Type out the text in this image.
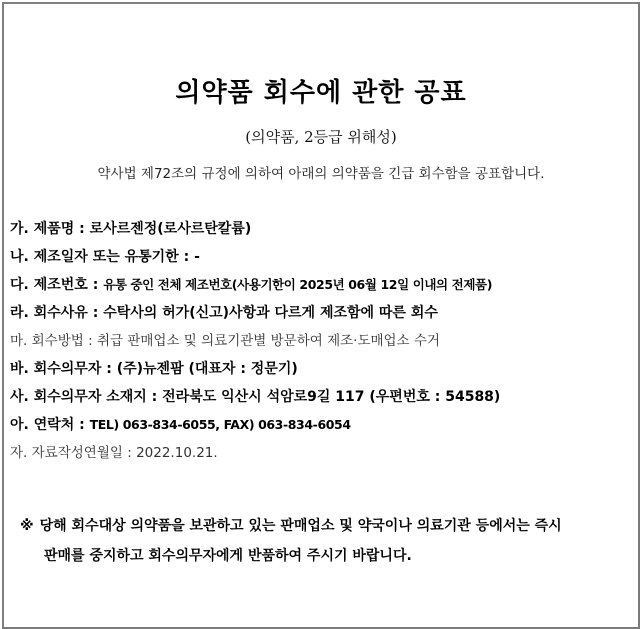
의약품 회수에 관한 공표
(의약품, 2등급 위해성)
약사법 제72조의 규정에 의하여 아래의 의약품을 긴급 회수함을 공표합니다.
가. 제품명 : 로사르젠정(로사르탄칼륨)
나. 제조일자 또는 유통기한 : -
다. 제조번호 : 유통 중인 전체 제조번호(사용기한이 2025년 06월 12일 이내의 전제품)
라. 회수사유 : 수탁사의 허가(신고)사항과 다르게 제조함에 따른 회수
마. 회수방법 : 취급 판매업소 및 의료기관별 방문하여 제조·도매업소 수거
바. 회수의무자 : (주)뉴젠팜 (대표자 : 정문기)
사. 회수의무자 소재지 : 전라북도 익산시 석암로9길 117 (우편번호 : 54588)
아. 연락처 : TEL) 063-834-6055, FAX) 063-834-6054
자. 자료작성연월일 : 2022.10.21.
※ 당해 회수대상 의약품을 보관하고 있는 판매업소 및 약국이나 의료기관 등에서는 즉시
판매를 중지하고 회수의무자에게 반품하여 주시기 바랍니다.
